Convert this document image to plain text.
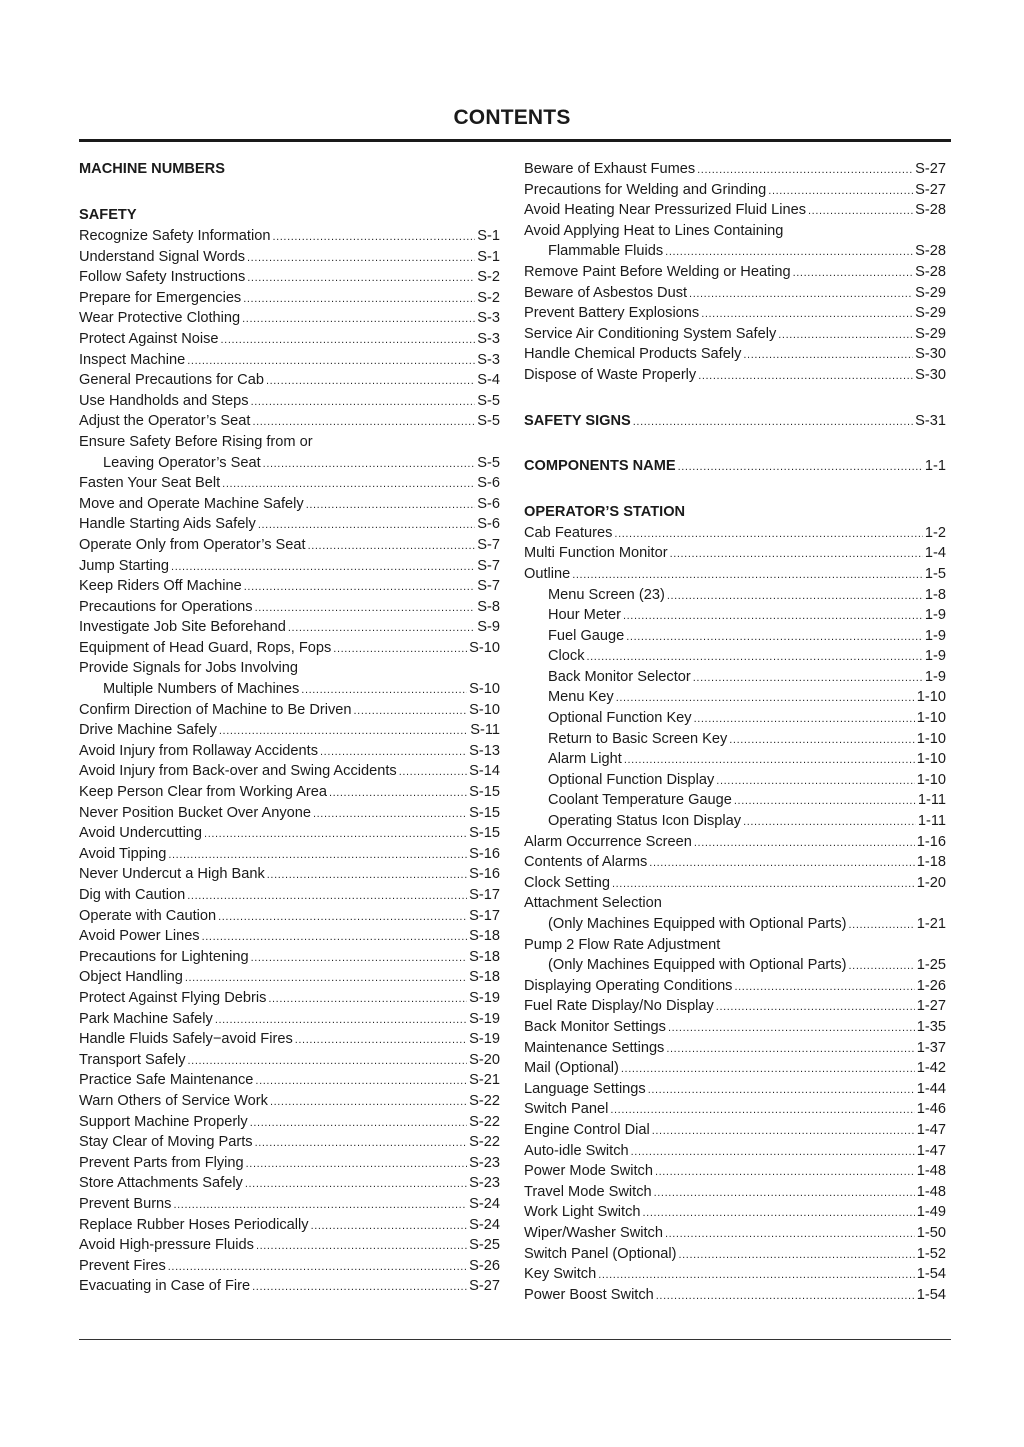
CONTENTS
MACHINE NUMBERS
SAFETY
Recognize Safety Information .....	S-1
Understand Signal Words .....	S-1
Follow Safety Instructions .....	S-2
Prepare for Emergencies .....	S-2
Wear Protective Clothing .....	S-3
Protect Against Noise .....	S-3
Inspect Machine .....	S-3
General Precautions for Cab .....	S-4
Use Handholds and Steps .....	S-5
Adjust the Operator’s Seat .....	S-5
Ensure Safety Before Rising from or
Leaving Operator’s Seat .....	S-5
Fasten Your Seat Belt .....	S-6
Move and Operate Machine Safely .....	S-6
Handle Starting Aids Safely .....	S-6
Operate Only from Operator’s Seat .....	S-7
Jump Starting .....	S-7
Keep Riders Off Machine .....	S-7
Precautions for Operations .....	S-8
Investigate Job Site Beforehand .....	S-9
Equipment of Head Guard, Rops, Fops .....	S-10
Provide Signals for Jobs Involving
Multiple Numbers of Machines .....	S-10
Confirm Direction of Machine to Be Driven .....	S-10
Drive Machine Safely .....	S-11
Avoid Injury from Rollaway Accidents .....	S-13
Avoid Injury from Back-over and Swing Accidents .....	S-14
Keep Person Clear from Working Area .....	S-15
Never Position Bucket Over Anyone .....	S-15
Avoid Undercutting .....	S-15
Avoid Tipping .....	S-16
Never Undercut a High Bank .....	S-16
Dig with Caution .....	S-17
Operate with Caution .....	S-17
Avoid Power Lines .....	S-18
Precautions for Lightening .....	S-18
Object Handling .....	S-18
Protect Against Flying Debris .....	S-19
Park Machine Safely .....	S-19
Handle Fluids Safely−avoid Fires .....	S-19
Transport Safely .....	S-20
Practice Safe Maintenance .....	S-21
Warn Others of Service Work .....	S-22
Support Machine Properly .....	S-22
Stay Clear of Moving Parts .....	S-22
Prevent Parts from Flying .....	S-23
Store Attachments Safely .....	S-23
Prevent Burns .....	S-24
Replace Rubber Hoses Periodically .....	S-24
Avoid High-pressure Fluids .....	S-25
Prevent Fires .....	S-26
Evacuating in Case of Fire .....	S-27
Beware of Exhaust Fumes .....	S-27
Precautions for Welding and Grinding .....	S-27
Avoid Heating Near Pressurized Fluid Lines .....	S-28
Avoid Applying Heat to Lines Containing
Flammable Fluids .....	S-28
Remove Paint Before Welding or Heating .....	S-28
Beware of Asbestos Dust .....	S-29
Prevent Battery Explosions .....	S-29
Service Air Conditioning System Safely .....	S-29
Handle Chemical Products Safely .....	S-30
Dispose of Waste Properly .....	S-30
SAFETY SIGNS .....	S-31
COMPONENTS NAME .....	1-1
OPERATOR’S STATION
Cab Features .....	1-2
Multi Function Monitor .....	1-4
Outline .....	1-5
Menu Screen (23) .....	1-8
Hour Meter .....	1-9
Fuel Gauge .....	1-9
Clock .....	1-9
Back Monitor Selector .....	1-9
Menu Key .....	1-10
Optional Function Key .....	1-10
Return to Basic Screen Key .....	1-10
Alarm Light .....	1-10
Optional Function Display .....	1-10
Coolant Temperature Gauge .....	1-11
Operating Status Icon Display .....	1-11
Alarm Occurrence Screen .....	1-16
Contents of Alarms .....	1-18
Clock Setting .....	1-20
Attachment Selection
(Only Machines Equipped with Optional Parts) .....	1-21
Pump 2 Flow Rate Adjustment
(Only Machines Equipped with Optional Parts) .....	1-25
Displaying Operating Conditions .....	1-26
Fuel Rate Display/No Display .....	1-27
Back Monitor Settings .....	1-35
Maintenance Settings .....	1-37
Mail (Optional) .....	1-42
Language Settings .....	1-44
Switch Panel .....	1-46
Engine Control Dial .....	1-47
Auto-idle Switch .....	1-47
Power Mode Switch .....	1-48
Travel Mode Switch .....	1-48
Work Light Switch .....	1-49
Wiper/Washer Switch .....	1-50
Switch Panel (Optional) .....	1-52
Key Switch .....	1-54
Power Boost Switch .....	1-54
